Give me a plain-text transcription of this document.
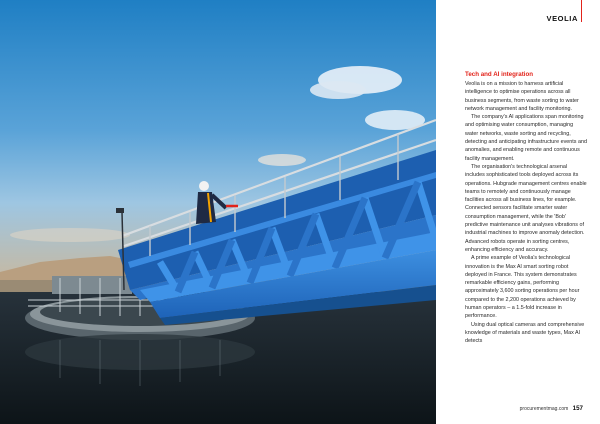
VEOLIA
Tech and AI integration

Veolia is on a mission to harness artificial intelligence to optimise operations across all business segments, from waste sorting to water network management and facility monitoring.

The company's AI applications span monitoring and optimising water consumption, managing water networks, waste sorting and recycling, detecting and anticipating infrastructure events and anomalies, and enabling remote and continuous facility management.

The organisation's technological arsenal includes sophisticated tools deployed across its operations. Hubgrade management centres enable teams to remotely and continuously manage facilities across all business lines, for example. Connected sensors facilitate smarter water consumption management, while the 'Bob' predictive maintenance unit analyses vibrations of industrial machines to improve anomaly detection. Advanced robots operate in sorting centres, enhancing efficiency and accuracy.

A prime example of Veolia's technological innovation is the Max AI smart sorting robot deployed in France. This system demonstrates remarkable efficiency gains, performing approximately 3,600 sorting operations per hour compared to the 2,200 operations achieved by human operators – a 1.5-fold increase in performance.

Using dual optical cameras and comprehensive knowledge of materials and waste types, Max AI detects

procurementmag.com 157
